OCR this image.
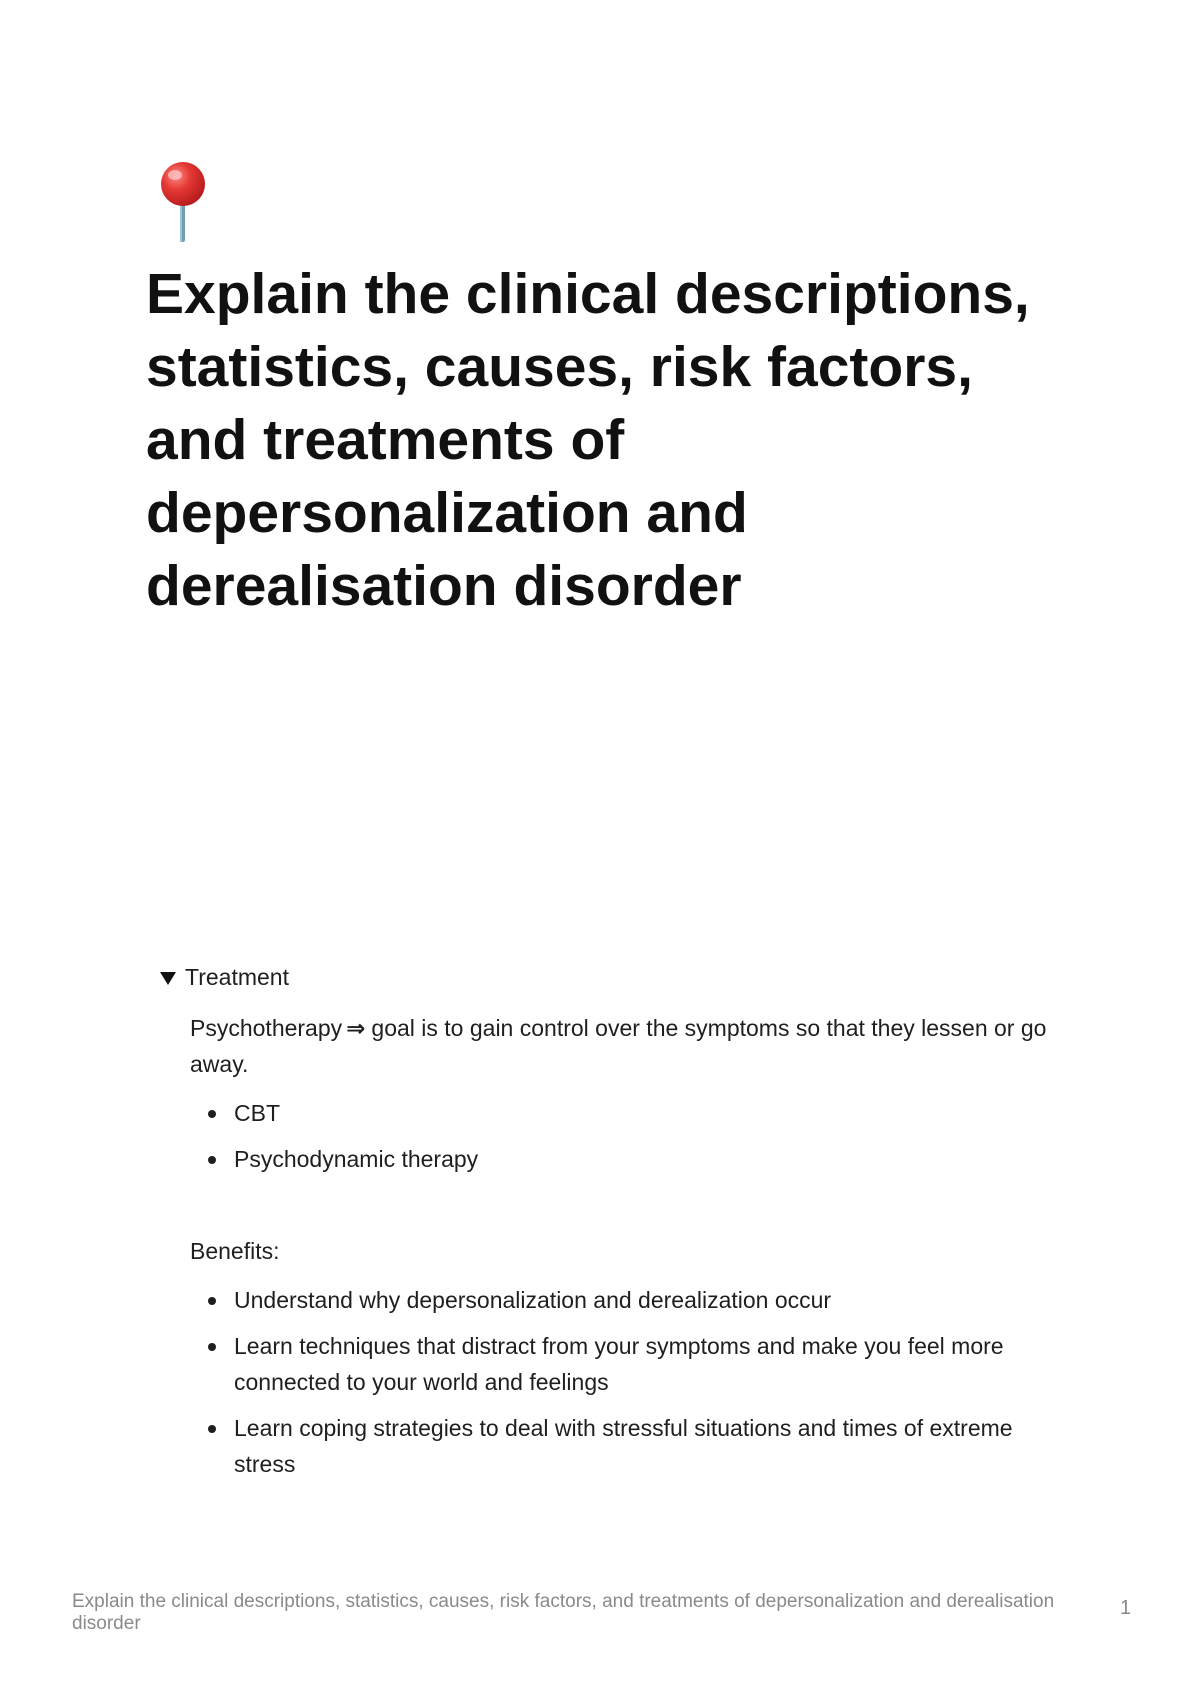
Explain the clinical descriptions, statistics, causes, risk factors, and treatments of depersonalization and derealisation disorder
Treatment

Psychotherapy ⇒ goal is to gain control over the symptoms so that they lessen or go away.

CBT
Psychodynamic therapy

Benefits:

Understand why depersonalization and derealization occur
Learn techniques that distract from your symptoms and make you feel more connected to your world and feelings
Learn coping strategies to deal with stressful situations and times of extreme stress
Explain the clinical descriptions, statistics, causes, risk factors, and treatments of depersonalization and derealisation disorder
1
